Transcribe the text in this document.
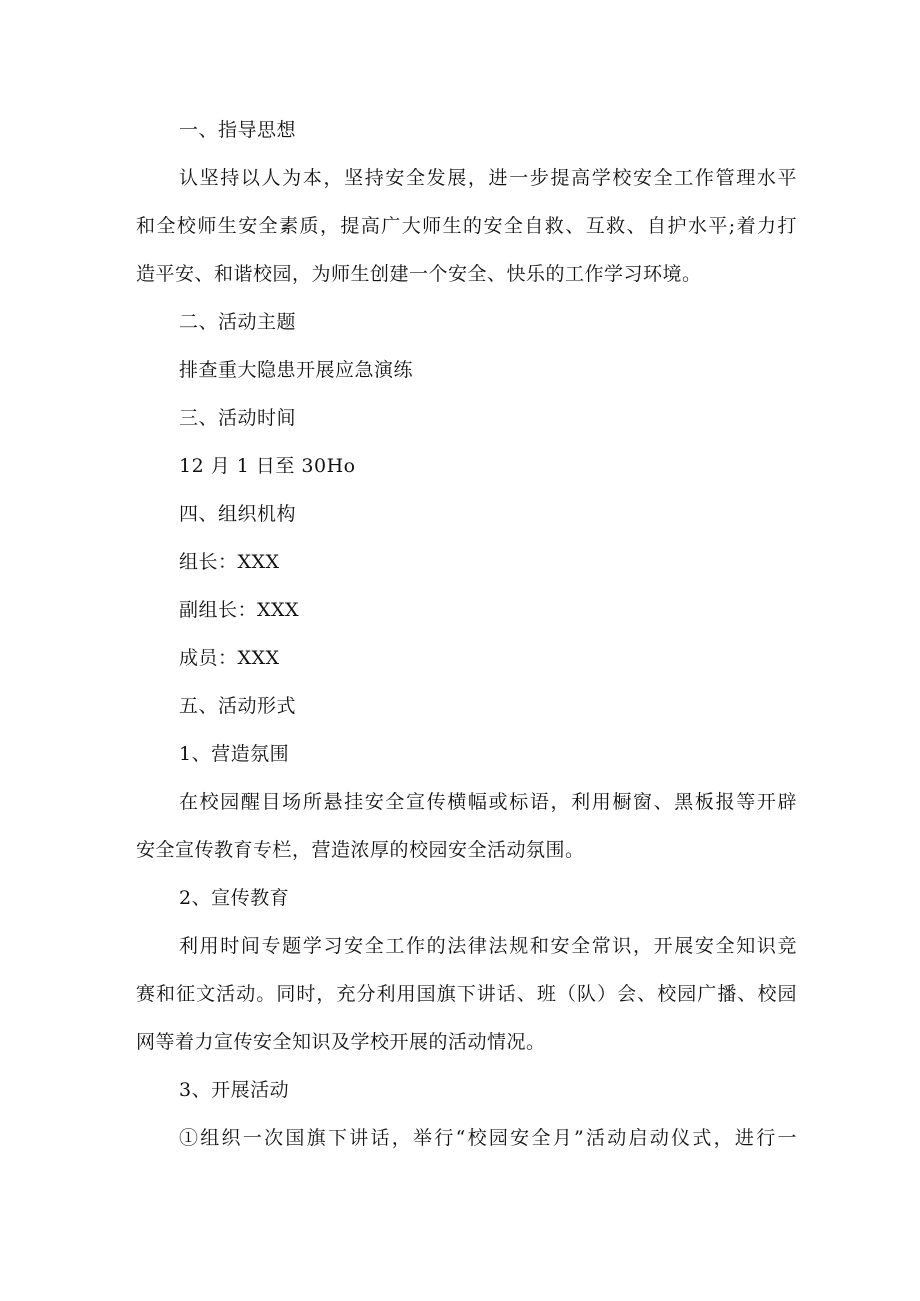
一、指导思想

认坚持以人为本，坚持安全发展，进一步提高学校安全工作管理水平

和全校师生安全素质，提高广大师生的安全自救、互救、自护水平;着力打

造平安、和谐校园，为师生创建一个安全、快乐的工作学习环境。

二、活动主题

排查重大隐患开展应急演练

三、活动时间

12 月 1 日至 30Ho

四、组织机构

组长：XXX

副组长：XXX

成员：XXX

五、活动形式

1、营造氛围

在校园醒目场所悬挂安全宣传横幅或标语，利用橱窗、黑板报等开辟

安全宣传教育专栏，营造浓厚的校园安全活动氛围。

2、宣传教育

利用时间专题学习安全工作的法律法规和安全常识，开展安全知识竞

赛和征文活动。同时，充分利用国旗下讲话、班（队）会、校园广播、校园

网等着力宣传安全知识及学校开展的活动情况。

3、开展活动

①组织一次国旗下讲话，举行“校园安全月”活动启动仪式，进行一
